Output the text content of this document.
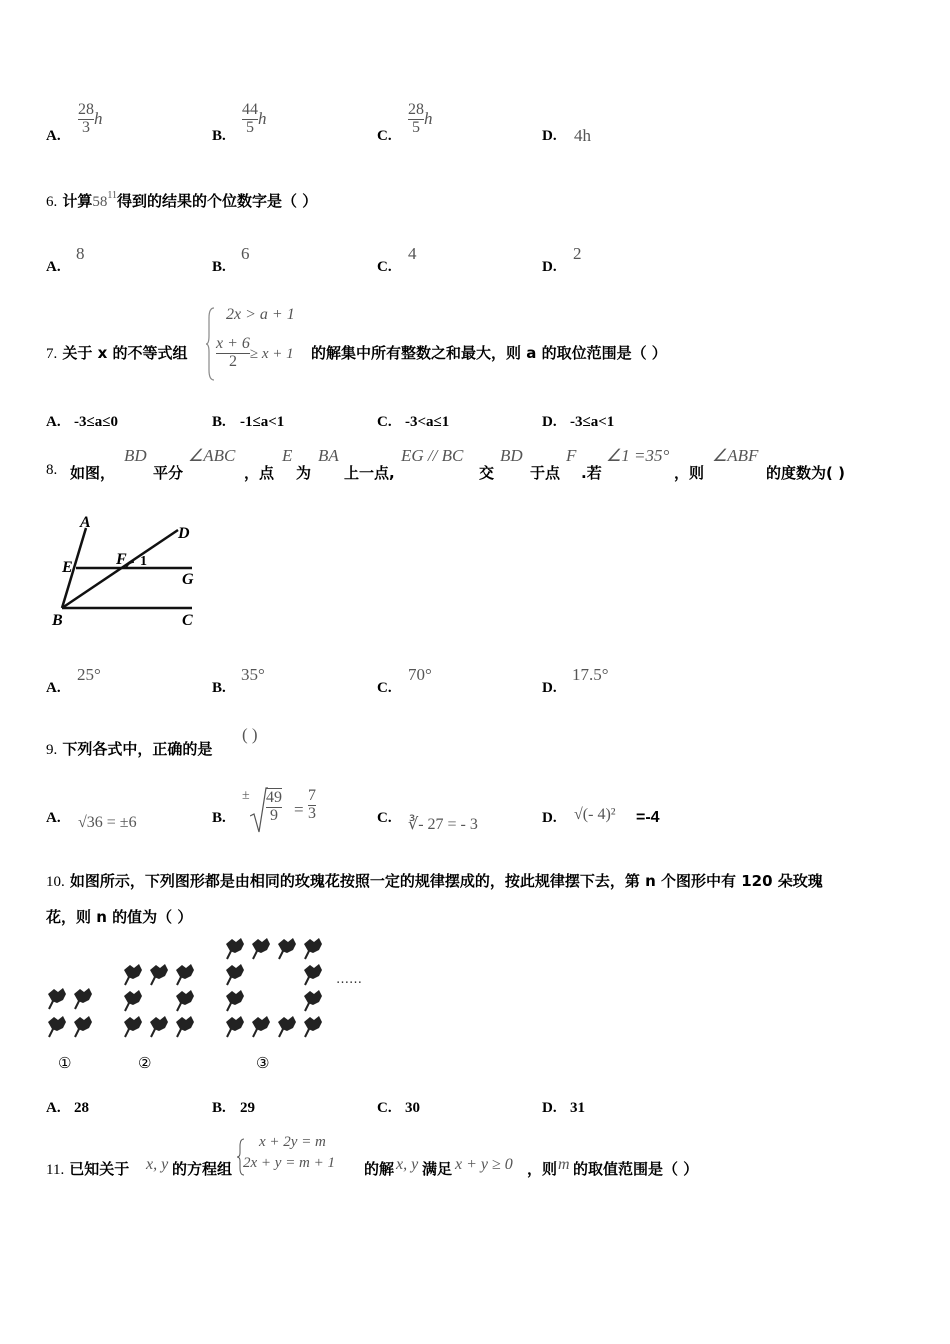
A. $\frac{28}{3}$ h
B. $\frac{44}{5}$ h
C. $\frac{28}{5}$ h
D. 4h
6. 计算$58^{11}$得到的结果的个位数字是（ ）
A.
8
B.
6
C.
4
D.
2
7. 关于 x 的不等式组
2x > a + 1
$\frac{x + 6}{2} \ge x + 1$ 的解集中所有整数之和最大，则 a 的取位范围是（ ）
A. -3≤a≤0	B. -1≤a<1	C. -3<a≤1	D. -3≤a<1
8. 如图，
BD
平分
∠ABC
，点
E
为
BA
上一点,
EG // BC
交
BD
于点
F
.若
∠1 =35°
，则
∠ABF
的度数为( )
A
D
E	F 1
G
B	C
A.
25°
B.
35°
C.
70°
D.
17.5°
9. 下列各式中，正确的是
( )
A. √36 = ±6	B.
± 49
9 =
7
3	C. ∛- 27 = - 3	D. √(- 4)² =-4
10. 如图所示，下列图形都是由相同的玫瑰花按照一定的规律摆成的，按此规律摆下去，第 n 个图形中有 120 朵玫瑰
花，则 n 的值为（ ）
①	②	③
……
A. 28	B. 29	C. 30	D. 31
11. 已知关于 x, y 的方程组
x + 2y = m
2x + y = m + 1 的解 x, y 满足 x + y ≥ 0 ，则 m 的取值范围是（ ）
